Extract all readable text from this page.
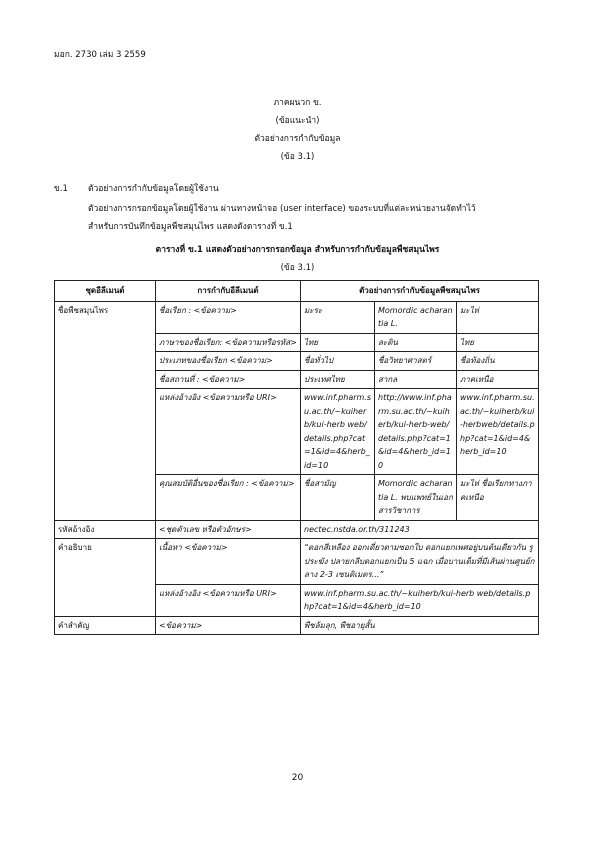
มอก. 2730 เล่ม 3 2559
ภาคผนวก ข.
(ข้อแนะนำ)
ตัวอย่างการกำกับข้อมูล
(ข้อ 3.1)
ข.1 ตัวอย่างการกำกับข้อมูลโดยผู้ใช้งาน
ตัวอย่างการกรอกข้อมูลโดยผู้ใช้งาน ผ่านทางหน้าจอ (user interface) ของระบบที่แต่ละหน่วยงานจัดทำไว้
สำหรับการบันทึกข้อมูลพืชสมุนไพร แสดงดังตารางที่ ข.1
ตารางที่ ข.1 แสดงตัวอย่างการกรอกข้อมูล สำหรับการกำกับข้อมูลพืชสมุนไพร
(ข้อ 3.1)
ชุดอีลีเมนต์	การกำกับอีลีเมนต์	ตัวอย่างการกำกับข้อมูลพืชสมุนไพร		
ชื่อพืชสมุนไพร	ชื่อเรียก : <ข้อความ>	มะระ	Momordic acharantia L.	มะไห่
	ภาษาของชื่อเรียก: <ข้อความหรือรหัส>	ไทย	ละติน	ไทย
	ประเภทของชื่อเรียก <ข้อความ>	ชื่อทั่วไป	ชื่อวิทยาศาสตร์	ชื่อท้องถิ่น
	ชื่อสถานที่ : <ข้อความ>	ประเทศไทย	สากล	ภาคเหนือ
	แหล่งอ้างอิง <ข้อความหรือ URI>	www.inf.pharm.su.ac.th/~kuiherb/kui-herb web/details.php?cat=1&id=4&herb_id=10	http://www.inf.pharm.su.ac.th/~kuiherb/kui-herb-web/details.php?cat=1&id=4&herb_id=10	www.inf.pharm.su.ac.th/~kuiherb/kui-herbweb/details.php?cat=1&id=4&herb_id=10
	คุณสมบัติอื่นของชื่อเรียก : <ข้อความ>	ชื่อสามัญ	Momordic acharantia L. พบแพทย์ในเอกสารวิชาการ	มะไห่ ชื่อเรียกทางภาคเหนือ
รหัสอ้างอิง	<ชุดตัวเลข หรือตัวอักษร>	nectec.nstda.or.th/311243		
คำอธิบาย	เนื้อหา <ข้อความ>	“ดอกสีเหลือง ออกเดี่ยวตามซอกใบ ดอกแยกเพศอยู่บนต้นเดียวกัน รูประฆัง ปลายกลีบดอกแยกเป็น 5 แฉก เมื่อบานเต็มที่มีเส้นผ่านศูนย์กลาง 2-3 เซนติเมตร...”		
	แหล่งอ้างอิง <ข้อความหรือ URI>	www.inf.pharm.su.ac.th/~kuiherb/kui-herb web/details.php?cat=1&id=4&herb_id=10		
คำสำคัญ	<ข้อความ>	พืชล้มลุก, พืชอายุสั้น		
20
